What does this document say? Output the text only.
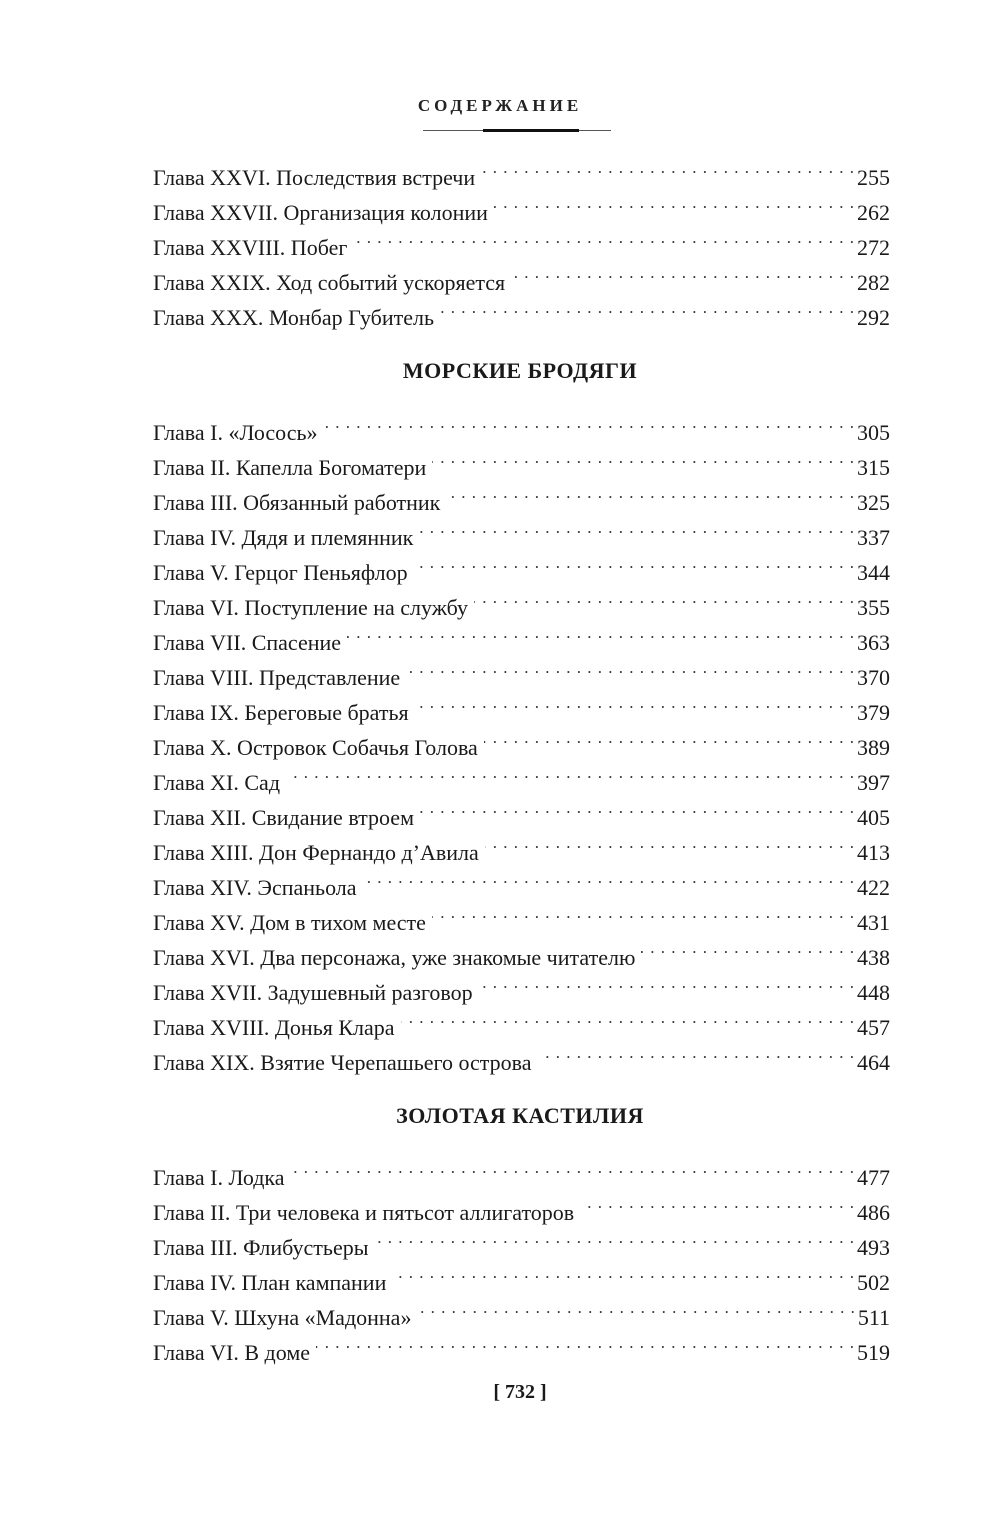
СОДЕРЖАНИЕ
Глава XXVI. Последствия встречи . . .	255
Глава XXVII. Организация колонии . . .	262
Глава XXVIII. Побег . . .	272
Глава XXIX. Ход событий ускоряется . . .	282
Глава XXX. Монбар Губитель . . .	292
МОРСКИЕ БРОДЯГИ
Глава I. «Лосось» . . .	305
Глава II. Капелла Богоматери . . .	315
Глава III. Обязанный работник . . .	325
Глава IV. Дядя и племянник . . .	337
Глава V. Герцог Пеньяфлор . . .	344
Глава VI. Поступление на службу . . .	355
Глава VII. Спасение . . .	363
Глава VIII. Представление . . .	370
Глава IX. Береговые братья . . .	379
Глава X. Островок Собачья Голова . . .	389
Глава XI. Сад . . .	397
Глава XII. Свидание втроем . . .	405
Глава XIII. Дон Фернандо д’Авила . . .	413
Глава XIV. Эспаньола . . .	422
Глава XV. Дом в тихом месте . . .	431
Глава XVI. Два персонажа, уже знакомые читателю . . .	438
Глава XVII. Задушевный разговор . . .	448
Глава XVIII. Донья Клара . . .	457
Глава XIX. Взятие Черепашьего острова . . .	464
ЗОЛОТАЯ КАСТИЛИЯ
Глава I. Лодка . . .	477
Глава II. Три человека и пятьсот аллигаторов . . .	486
Глава III. Флибустьеры . . .	493
Глава IV. План кампании . . .	502
Глава V. Шхуна «Мадонна» . . .	511
Глава VI. В доме . . .	519
[ 732 ]
